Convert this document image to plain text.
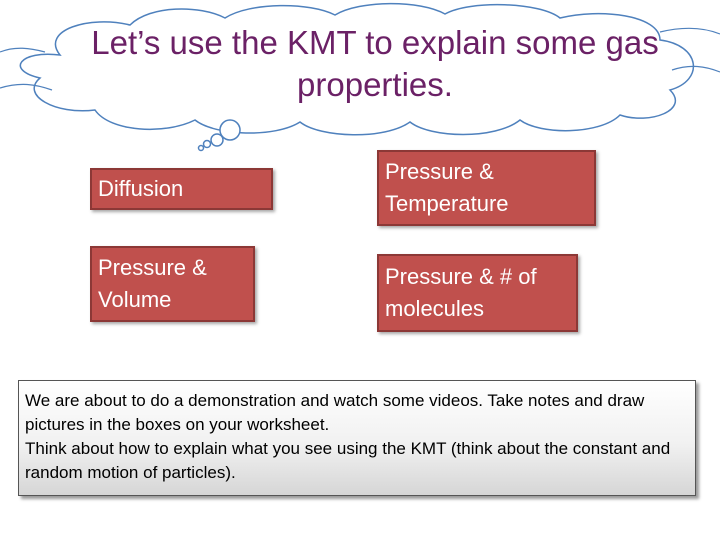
Let’s use the KMT to explain some gas properties.
Diffusion
Pressure & Temperature
Pressure & Volume
Pressure & # of molecules
We are about to do a demonstration and watch some videos. Take notes and draw pictures in the boxes on your worksheet.
Think about how to explain what you see using the KMT (think about the constant and random motion of particles).
